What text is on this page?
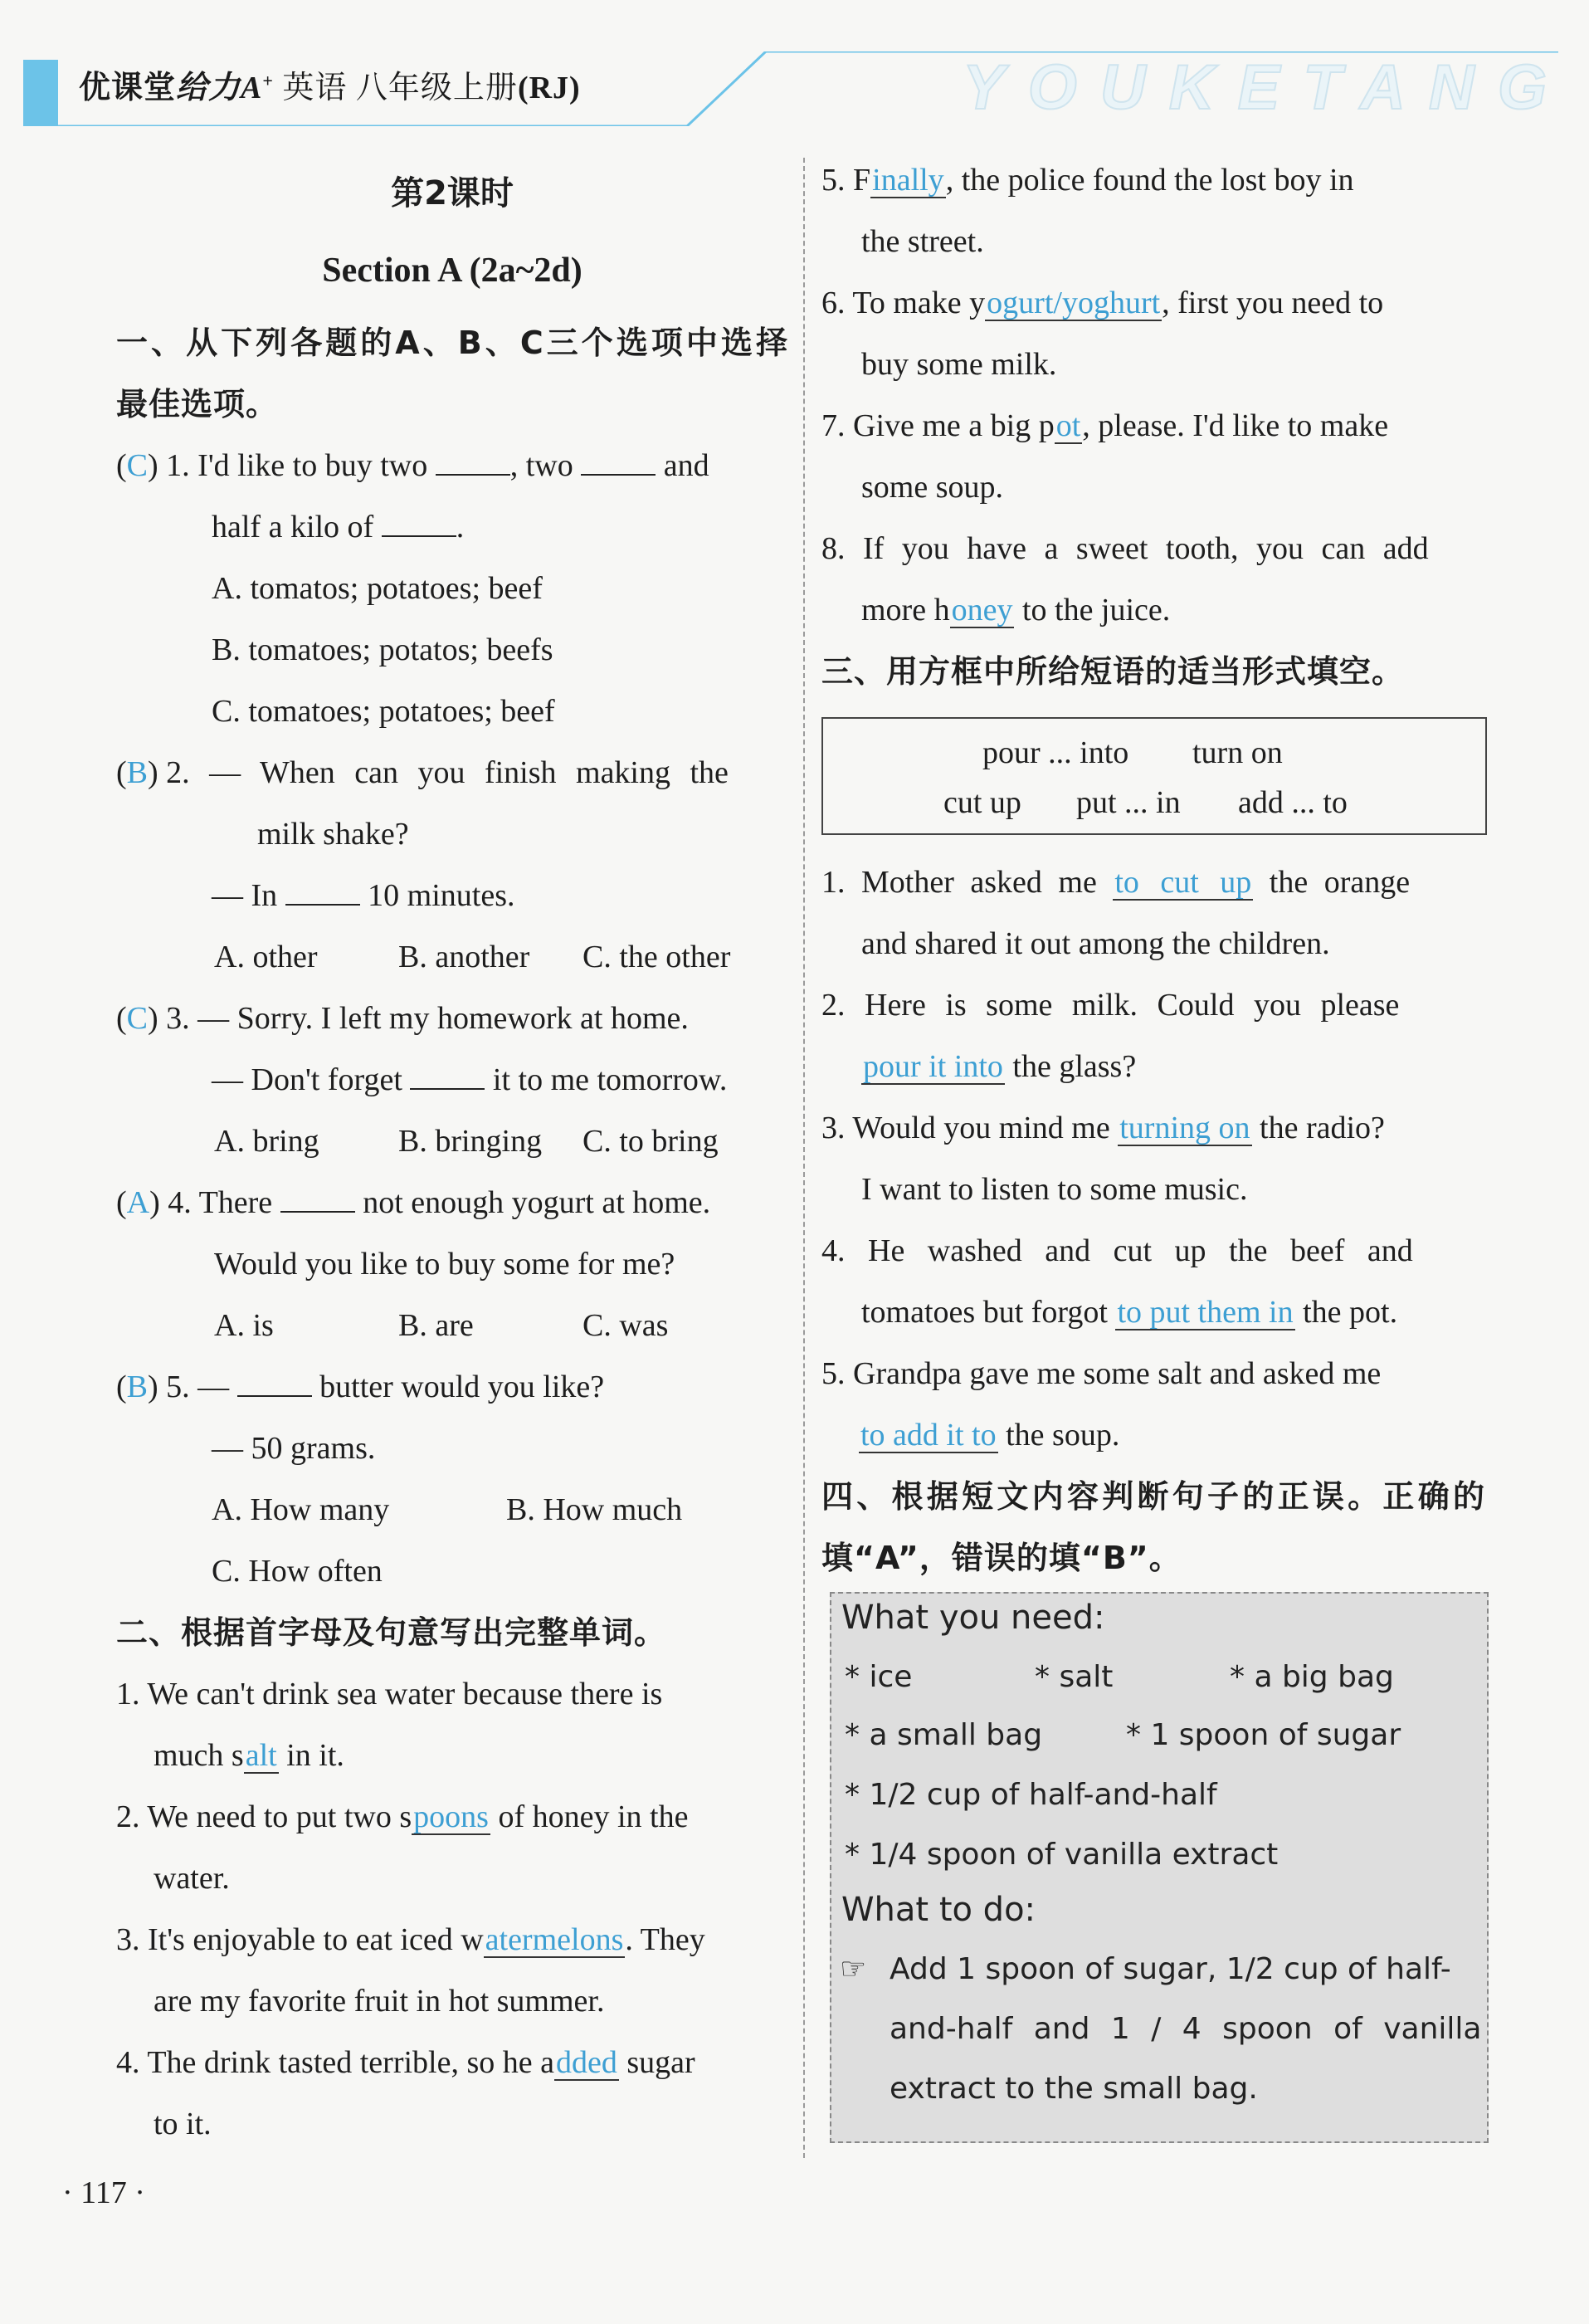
YOUKETANG
优课堂给力A+ 英语 八年级上册(RJ)
第2课时
Section A (2a~2d)
一、从下列各题的A、B、C三个选项中选择
最佳选项。
(C) 1. I'd like to buy two , two  and
half a kilo of .
A. tomatos; potatoes; beef
B. tomatoes; potatos; beefs
C. tomatoes; potatoes; beef
(B) 2. — When can you finish making the
milk shake?
— In  10 minutes.
A. other	B. another C. the other
(C) 3. — Sorry. I left my homework at home.
— Don't forget  it to me tomorrow.
A. bring	B. bringing C. to bring
(A) 4. There  not enough yogurt at home.
Would you like to buy some for me?
A. is	B. are	C. was
(B) 5. —  butter would you like?
— 50 grams.
A. How many	B. How much
C. How often
二、根据首字母及句意写出完整单词。
1. We can't drink sea water because there is
much salt in it.
2. We need to put two spoons of honey in the
water.
3. It's enjoyable to eat iced watermelons. They
are my favorite fruit in hot summer.
4. The drink tasted terrible, so he added sugar
to it.
5. Finally, the police found the lost boy in
the street.
6. To make yogurt/yoghurt, first you need to
buy some milk.
7. Give me a big pot, please. I'd like to make
some soup.
8. If you have a sweet tooth, you can add
more honey to the juice.
三、用方框中所给短语的适当形式填空。
pour ... into turn on
cut up put ... in add ... to
1. Mother asked me to cut up the orange
and shared it out among the children.
2. Here is some milk. Could you please
pour it into the glass?
3. Would you mind me turning on the radio?
I want to listen to some music.
4. He washed and cut up the beef and
tomatoes but forgot to put them in the pot.
5. Grandpa gave me some salt and asked me
to add it to the soup.
四、根据短文内容判断句子的正误。正确的
填“A”，错误的填“B”。
What you need:
* ice	* salt	* a big bag
* a small bag	* 1 spoon of sugar
* 1/2 cup of half-and-half
* 1/4 spoon of vanilla extract
What to do:
☞ Add 1 spoon of sugar, 1/2 cup of half-
and-half and 1 / 4 spoon of vanilla
extract to the small bag.
· 117 ·
